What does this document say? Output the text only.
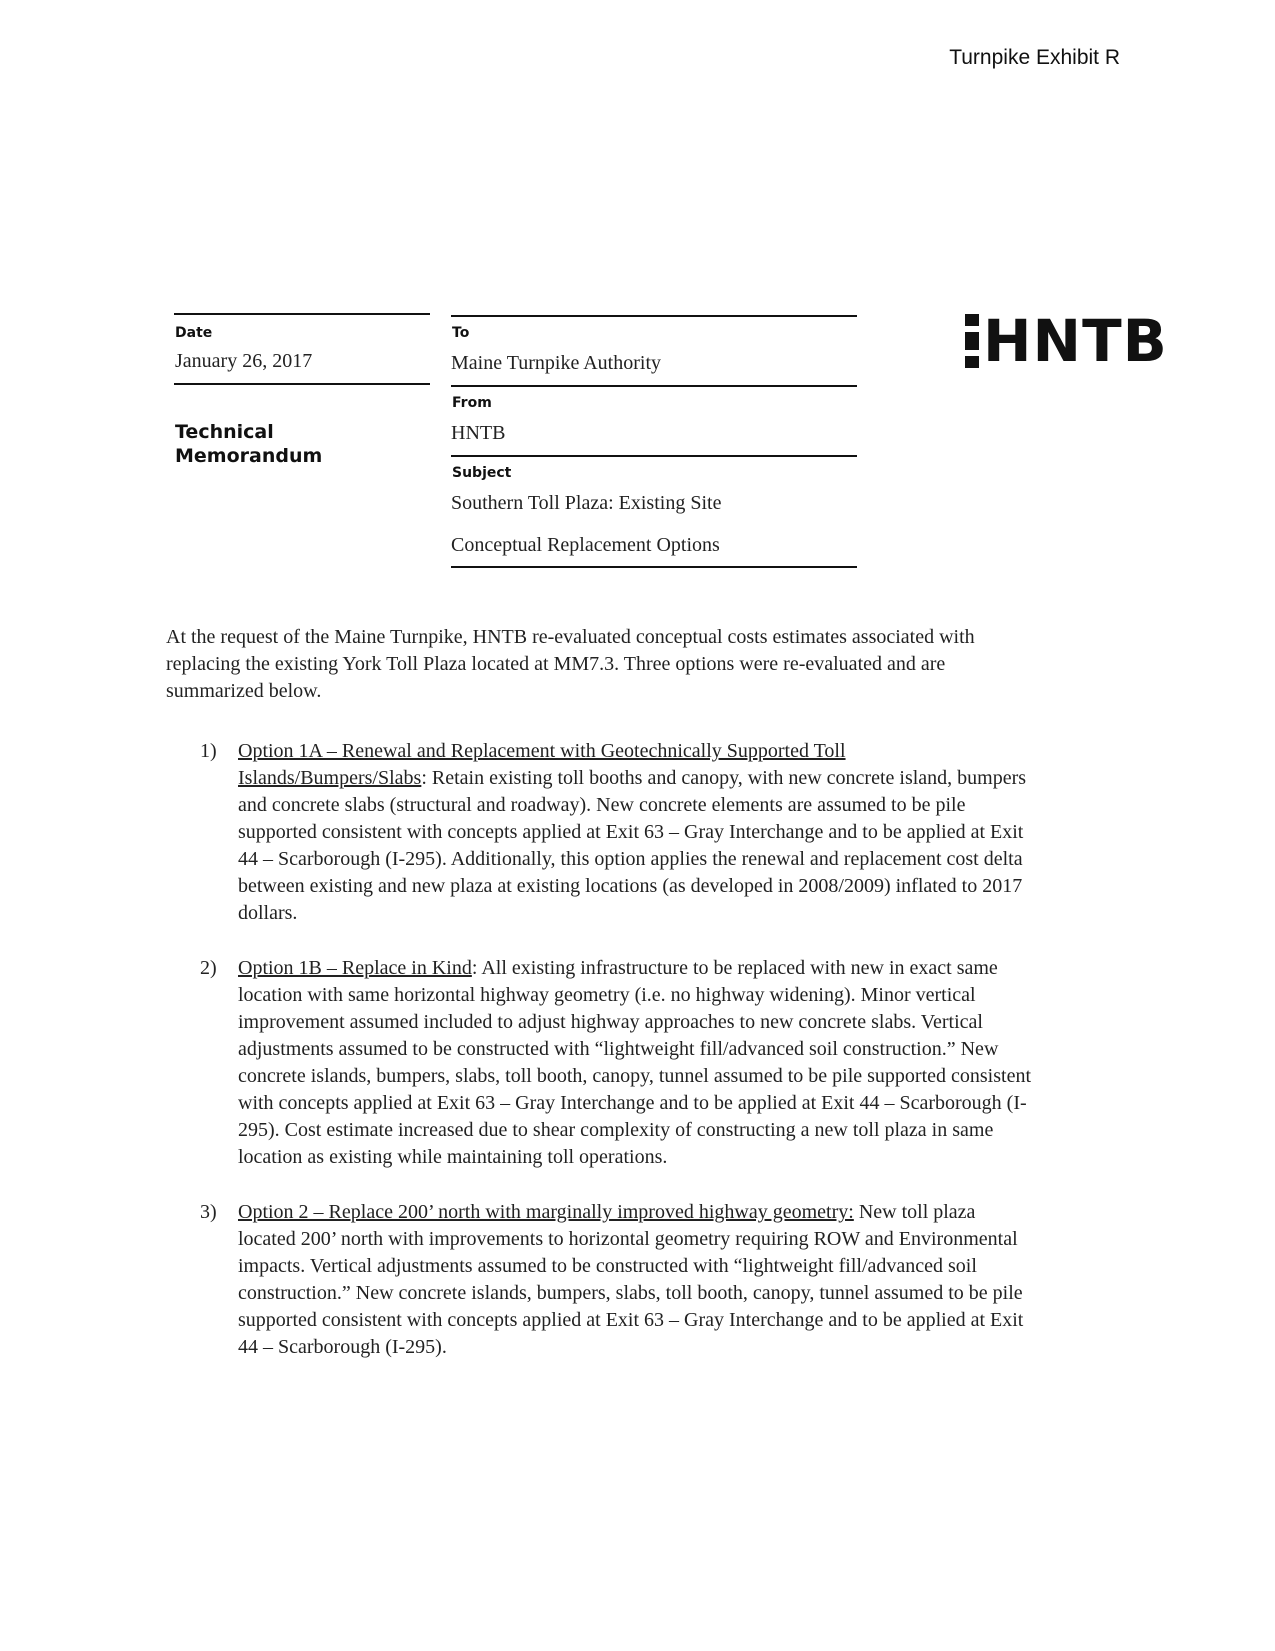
Turnpike Exhibit R
Date
January 26, 2017
Technical
Memorandum
To
Maine Turnpike Authority
From
HNTB
Subject
Southern Toll Plaza: Existing Site
Conceptual Replacement Options
HNTB
At the request of the Maine Turnpike, HNTB re-evaluated conceptual costs estimates associated with replacing the existing York Toll Plaza located at MM7.3. Three options were re-evaluated and are summarized below.
1) Option 1A – Renewal and Replacement with Geotechnically Supported Toll Islands/Bumpers/Slabs: Retain existing toll booths and canopy, with new concrete island, bumpers and concrete slabs (structural and roadway). New concrete elements are assumed to be pile supported consistent with concepts applied at Exit 63 – Gray Interchange and to be applied at Exit 44 – Scarborough (I-295). Additionally, this option applies the renewal and replacement cost delta between existing and new plaza at existing locations (as developed in 2008/2009) inflated to 2017 dollars.
2) Option 1B – Replace in Kind: All existing infrastructure to be replaced with new in exact same location with same horizontal highway geometry (i.e. no highway widening). Minor vertical improvement assumed included to adjust highway approaches to new concrete slabs. Vertical adjustments assumed to be constructed with “lightweight fill/advanced soil construction.” New concrete islands, bumpers, slabs, toll booth, canopy, tunnel assumed to be pile supported consistent with concepts applied at Exit 63 – Gray Interchange and to be applied at Exit 44 – Scarborough (I-295). Cost estimate increased due to shear complexity of constructing a new toll plaza in same location as existing while maintaining toll operations.
3) Option 2 – Replace 200’ north with marginally improved highway geometry: New toll plaza located 200’ north with improvements to horizontal geometry requiring ROW and Environmental impacts. Vertical adjustments assumed to be constructed with “lightweight fill/advanced soil construction.” New concrete islands, bumpers, slabs, toll booth, canopy, tunnel assumed to be pile supported consistent with concepts applied at Exit 63 – Gray Interchange and to be applied at Exit 44 – Scarborough (I-295).
